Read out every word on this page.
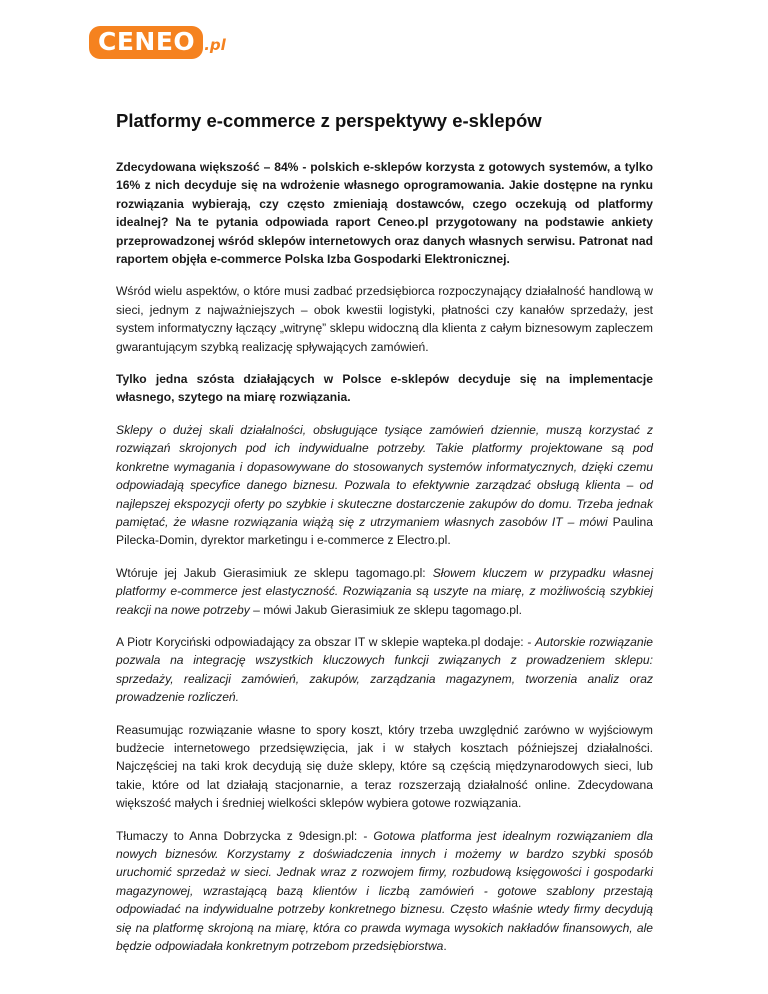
CENEO .pl
Platformy e-commerce z perspektywy e-sklepów

Zdecydowana większość – 84% - polskich e-sklepów korzysta z gotowych systemów, a tylko 16% z nich decyduje się na wdrożenie własnego oprogramowania. Jakie dostępne na rynku rozwiązania wybierają, czy często zmieniają dostawców, czego oczekują od platformy idealnej? Na te pytania odpowiada raport Ceneo.pl przygotowany na podstawie ankiety przeprowadzonej wśród sklepów internetowych oraz danych własnych serwisu. Patronat nad raportem objęła e-commerce Polska Izba Gospodarki Elektronicznej.

Wśród wielu aspektów, o które musi zadbać przedsiębiorca rozpoczynający działalność handlową w sieci, jednym z najważniejszych – obok kwestii logistyki, płatności czy kanałów sprzedaży, jest system informatyczny łączący „witrynę” sklepu widoczną dla klienta z całym biznesowym zapleczem gwarantującym szybką realizację spływających zamówień.

Tylko jedna szósta działających w Polsce e-sklepów decyduje się na implementacje własnego, szytego na miarę rozwiązania.

Sklepy o dużej skali działalności, obsługujące tysiące zamówień dziennie, muszą korzystać z rozwiązań skrojonych pod ich indywidualne potrzeby. Takie platformy projektowane są pod konkretne wymagania i dopasowywane do stosowanych systemów informatycznych, dzięki czemu odpowiadają specyfice danego biznesu. Pozwala to efektywnie zarządzać obsługą klienta – od najlepszej ekspozycji oferty po szybkie i skuteczne dostarczenie zakupów do domu. Trzeba jednak pamiętać, że własne rozwiązania wiążą się z utrzymaniem własnych zasobów IT – mówi Paulina Pilecka-Domin, dyrektor marketingu i e-commerce z Electro.pl.

Wtóruje jej Jakub Gierasimiuk ze sklepu tagomago.pl: Słowem kluczem w przypadku własnej platformy e-commerce jest elastyczność. Rozwiązania są uszyte na miarę, z możliwością szybkiej reakcji na nowe potrzeby – mówi Jakub Gierasimiuk ze sklepu tagomago.pl.

A Piotr Koryciński odpowiadający za obszar IT w sklepie wapteka.pl dodaje: - Autorskie rozwiązanie pozwala na integrację wszystkich kluczowych funkcji związanych z prowadzeniem sklepu: sprzedaży, realizacji zamówień, zakupów, zarządzania magazynem, tworzenia analiz oraz prowadzenie rozliczeń.

Reasumując rozwiązanie własne to spory koszt, który trzeba uwzględnić zarówno w wyjściowym budżecie internetowego przedsięwzięcia, jak i w stałych kosztach późniejszej działalności. Najczęściej na taki krok decydują się duże sklepy, które są częścią międzynarodowych sieci, lub takie, które od lat działają stacjonarnie, a teraz rozszerzają działalność online. Zdecydowana większość małych i średniej wielkości sklepów wybiera gotowe rozwiązania.

Tłumaczy to Anna Dobrzycka z 9design.pl: - Gotowa platforma jest idealnym rozwiązaniem dla nowych biznesów. Korzystamy z doświadczenia innych i możemy w bardzo szybki sposób uruchomić sprzedaż w sieci. Jednak wraz z rozwojem firmy, rozbudową księgowości i gospodarki magazynowej, wzrastającą bazą klientów i liczbą zamówień - gotowe szablony przestają odpowiadać na indywidualne potrzeby konkretnego biznesu. Często właśnie wtedy firmy decydują się na platformę skrojoną na miarę, która co prawda wymaga wysokich nakładów finansowych, ale będzie odpowiadała konkretnym potrzebom przedsiębiorstwa.
